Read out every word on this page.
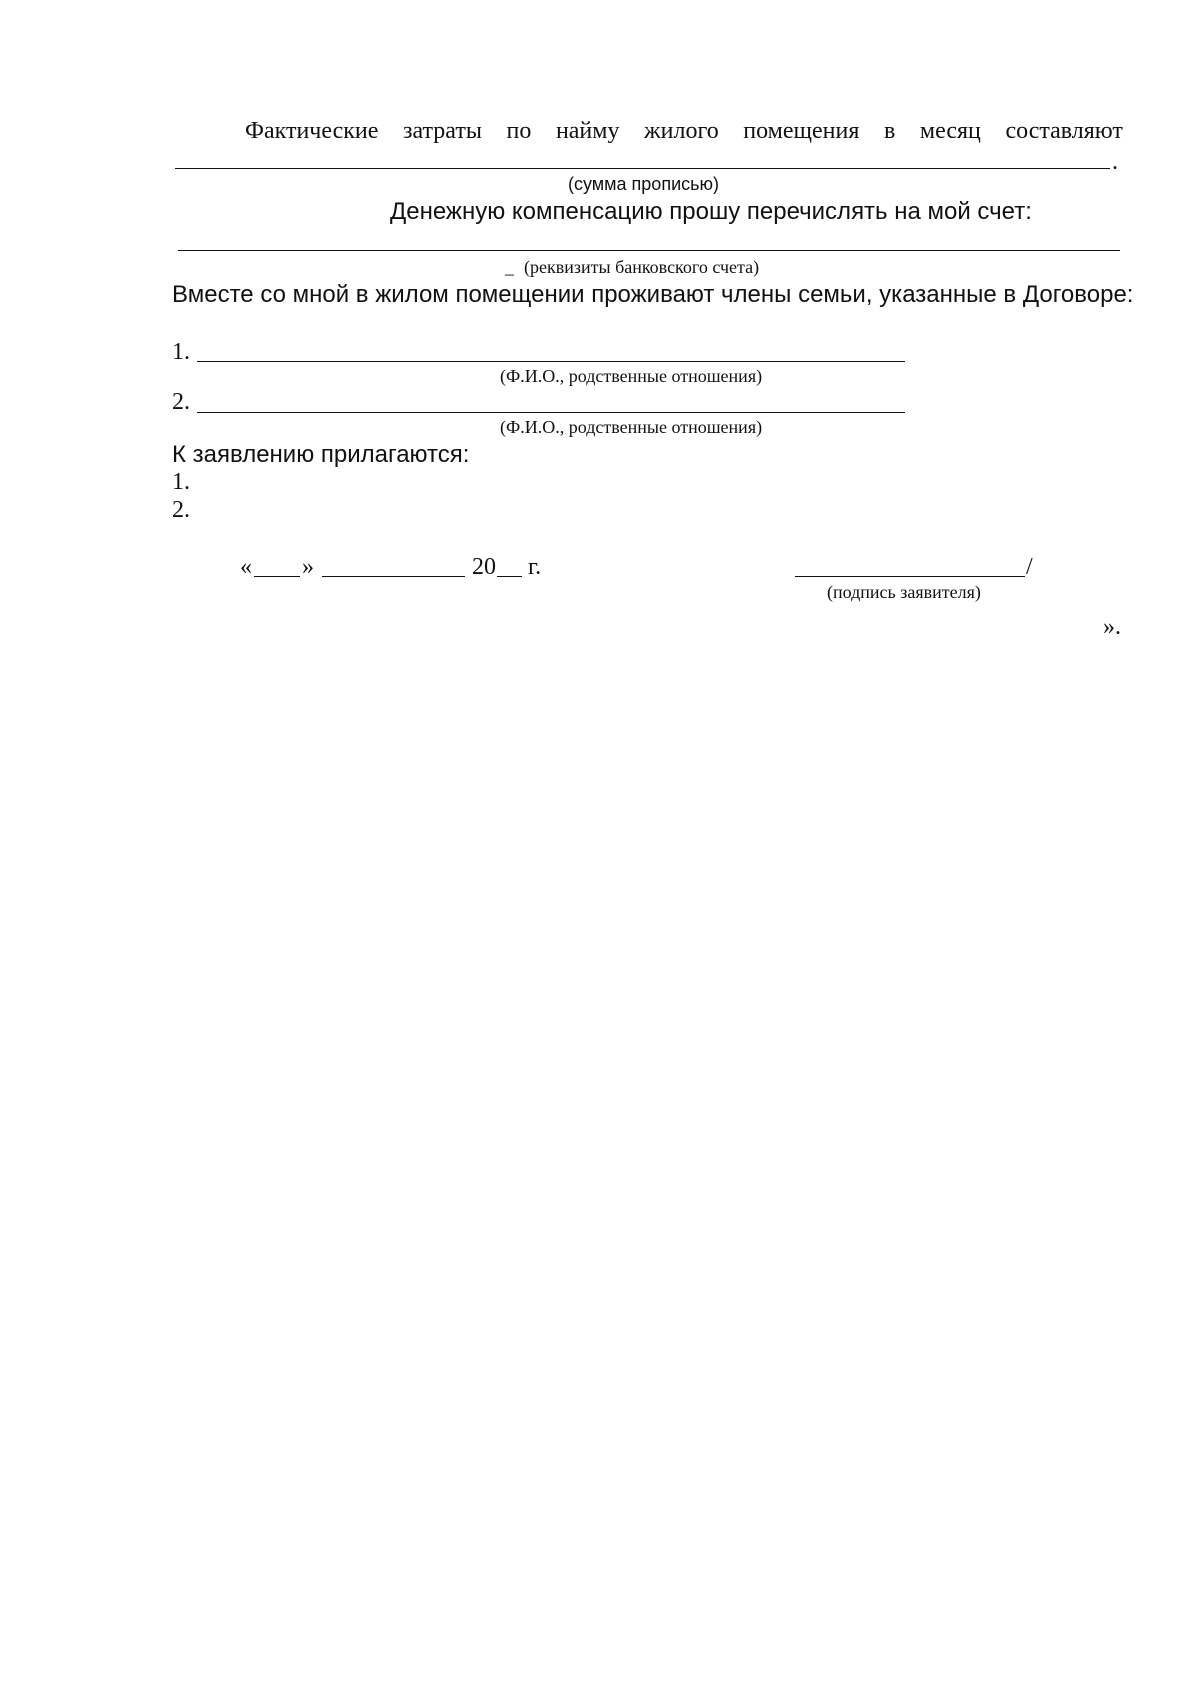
Фактические затраты по найму жилого помещения в месяц составляют
.
(сумма прописью)
Денежную компенсацию прошу перечислять на мой счет:
_ (реквизиты банковского счета)
Вместе со мной в жилом помещении проживают члены семьи, указанные в Договоре:
1.
(Ф.И.О., родственные отношения)
2.
(Ф.И.О., родственные отношения)
К заявлению прилагаются:
1.
2.
« »	20 г.	/
(подпись заявителя)
».
